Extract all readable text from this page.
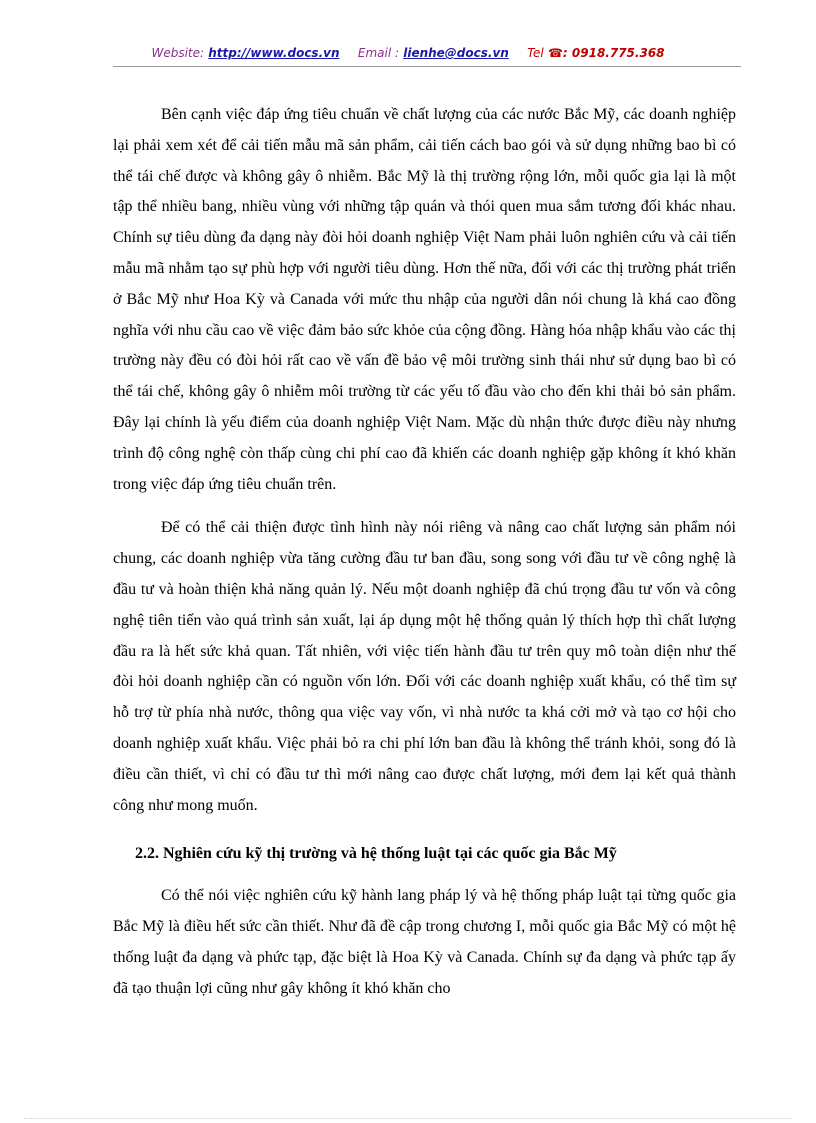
Website: http://www.docs.vn Email : lienhe@docs.vn Tel ☎: 0918.775.368

Bên cạnh việc đáp ứng tiêu chuẩn về chất lượng của các nước Bắc Mỹ, các doanh nghiệp lại phải xem xét để cải tiến mẫu mã sản phẩm, cải tiến cách bao gói và sử dụng những bao bì có thể tái chế được và không gây ô nhiễm. Bắc Mỹ là thị trường rộng lớn, mỗi quốc gia lại là một tập thể nhiều bang, nhiều vùng với những tập quán và thói quen mua sắm tương đối khác nhau. Chính sự tiêu dùng đa dạng này đòi hỏi doanh nghiệp Việt Nam phải luôn nghiên cứu và cải tiến mẫu mã nhằm tạo sự phù hợp với người tiêu dùng. Hơn thế nữa, đối với các thị trường phát triển ở Bắc Mỹ như Hoa Kỳ và Canada với mức thu nhập của người dân nói chung là khá cao đồng nghĩa với nhu cầu cao về việc đảm bảo sức khỏe của cộng đồng. Hàng hóa nhập khẩu vào các thị trường này đều có đòi hỏi rất cao về vấn đề bảo vệ môi trường sinh thái như sử dụng bao bì có thể tái chế, không gây ô nhiễm môi trường từ các yếu tố đầu vào cho đến khi thải bỏ sản phẩm. Đây lại chính là yếu điểm của doanh nghiệp Việt Nam. Mặc dù nhận thức được điều này nhưng trình độ công nghệ còn thấp cùng chi phí cao đã khiến các doanh nghiệp gặp không ít khó khăn trong việc đáp ứng tiêu chuẩn trên.

Để có thể cải thiện được tình hình này nói riêng và nâng cao chất lượng sản phẩm nói chung, các doanh nghiệp vừa tăng cường đầu tư ban đầu, song song với đầu tư về công nghệ là đầu tư và hoàn thiện khả năng quản lý. Nếu một doanh nghiệp đã chú trọng đầu tư vốn và công nghệ tiên tiến vào quá trình sản xuất, lại áp dụng một hệ thống quản lý thích hợp thì chất lượng đầu ra là hết sức khả quan. Tất nhiên, với việc tiến hành đầu tư trên quy mô toàn diện như thế đòi hỏi doanh nghiệp cần có nguồn vốn lớn. Đối với các doanh nghiệp xuất khẩu, có thể tìm sự hỗ trợ từ phía nhà nước, thông qua việc vay vốn, vì nhà nước ta khá cởi mở và tạo cơ hội cho doanh nghiệp xuất khẩu. Việc phải bỏ ra chi phí lớn ban đầu là không thể tránh khỏi, song đó là điều cần thiết, vì chỉ có đầu tư thì mới nâng cao được chất lượng, mới đem lại kết quả thành công như mong muốn.

2.2. Nghiên cứu kỹ thị trường và hệ thống luật tại các quốc gia Bắc Mỹ

Có thể nói việc nghiên cứu kỹ hành lang pháp lý và hệ thống pháp luật tại từng quốc gia Bắc Mỹ là điều hết sức cần thiết. Như đã đề cập trong chương I, mỗi quốc gia Bắc Mỹ có một hệ thống luật đa dạng và phức tạp, đặc biệt là Hoa Kỳ và Canada. Chính sự đa dạng và phức tạp ấy đã tạo thuận lợi cũng như gây không ít khó khăn cho
